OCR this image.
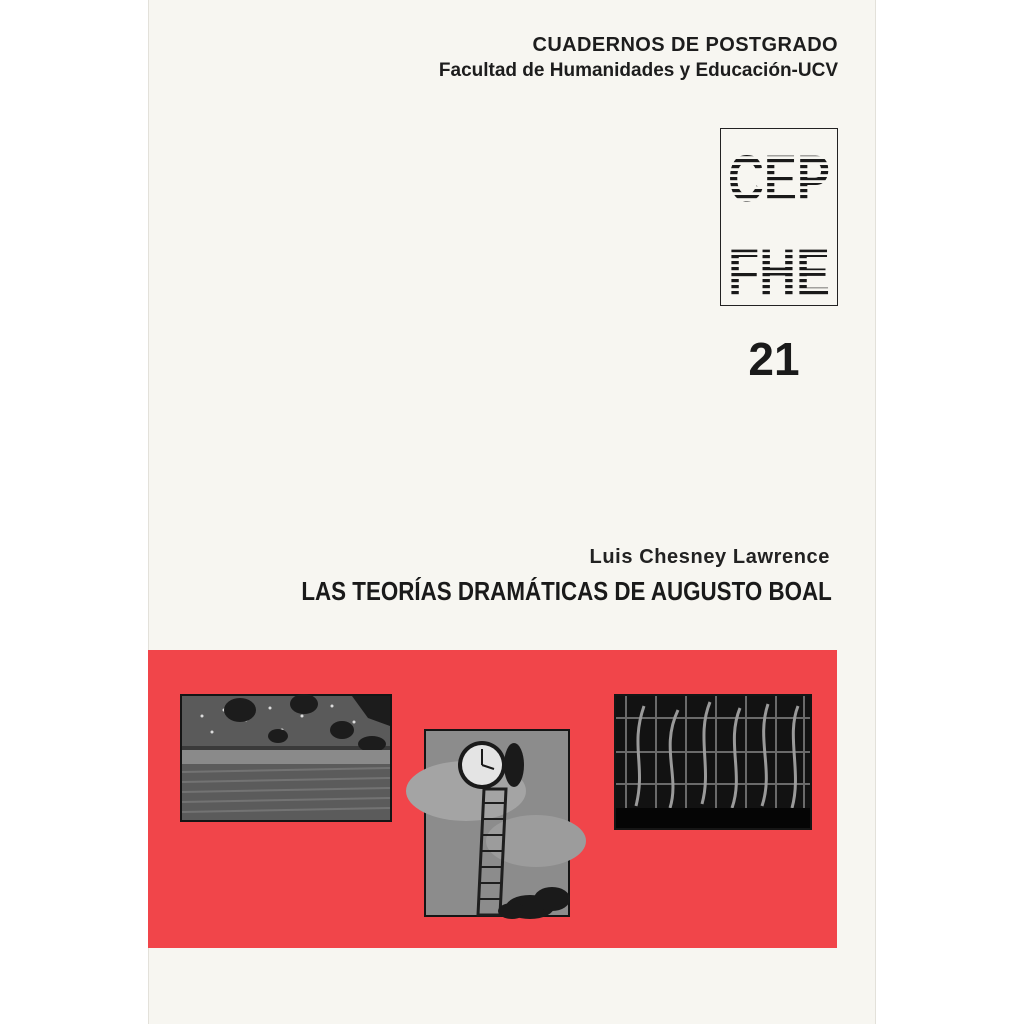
CUADERNOS DE POSTGRADO
Facultad de Humanidades y Educación-UCV
CEP
FHE
21
Luis Chesney Lawrence
LAS TEORÍAS DRAMÁTICAS DE AUGUSTO BOAL
